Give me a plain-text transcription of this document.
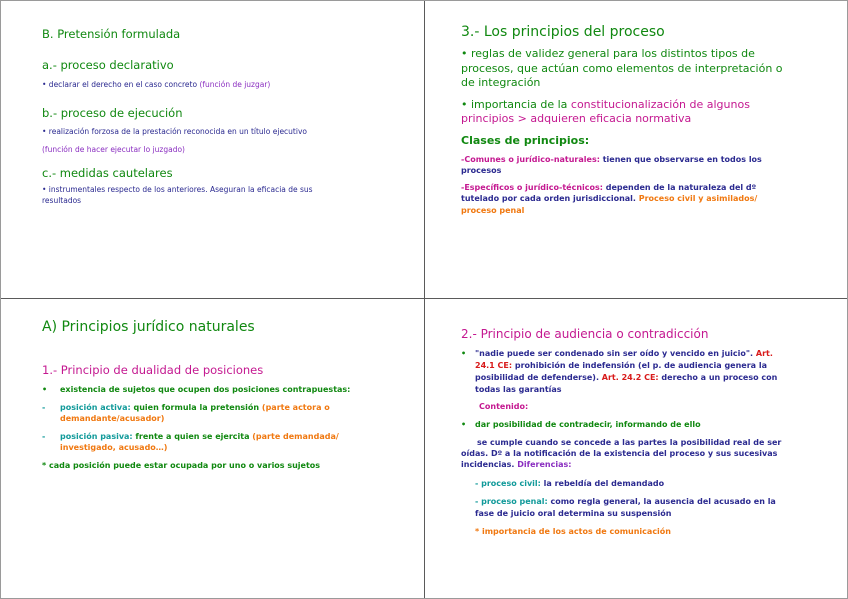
B. Pretensión formulada
a.- proceso declarativo
• declarar el derecho en el caso concreto (función de juzgar)
b.- proceso de ejecución
• realización forzosa de la prestación reconocida en un título ejecutivo
(función de hacer ejecutar lo juzgado)
c.- medidas cautelares
• instrumentales respecto de los anteriores. Aseguran la eficacia de sus
resultados
3.- Los principios del proceso
• reglas de validez general para los distintos tipos de
procesos, que actúan como elementos de interpretación o
de integración
• importancia de la constitucionalización de algunos
principios > adquieren eficacia normativa
Clases de principios:
-Comunes o jurídico-naturales: tienen que observarse en todos los
procesos
-Específicos o jurídico-técnicos: dependen de la naturaleza del dº
tutelado por cada orden jurisdiccional. Proceso civil y asimilados/
proceso penal
A) Principios jurídico naturales
1.- Principio de dualidad de posiciones
• existencia de sujetos que ocupen dos posiciones contrapuestas:
- posición activa: quien formula la pretensión (parte actora o
demandante/acusador)
- posición pasiva: frente a quien se ejercita (parte demandada/
investigado, acusado…)
* cada posición puede estar ocupada por uno o varios sujetos
2.- Principio de audiencia o contradicción
• "nadie puede ser condenado sin ser oído y vencido en juicio". Art.
24.1 CE: prohibición de indefensión (el p. de audiencia genera la
posibilidad de defenderse). Art. 24.2 CE: derecho a un proceso con
todas las garantías
Contenido:
• dar posibilidad de contradecir, informando de ello
se cumple cuando se concede a las partes la posibilidad real de ser
oídas. Dº a la notificación de la existencia del proceso y sus sucesivas
incidencias. Diferencias:
- proceso civil: la rebeldía del demandado
- proceso penal: como regla general, la ausencia del acusado en la
fase de juicio oral determina su suspensión
* importancia de los actos de comunicación
